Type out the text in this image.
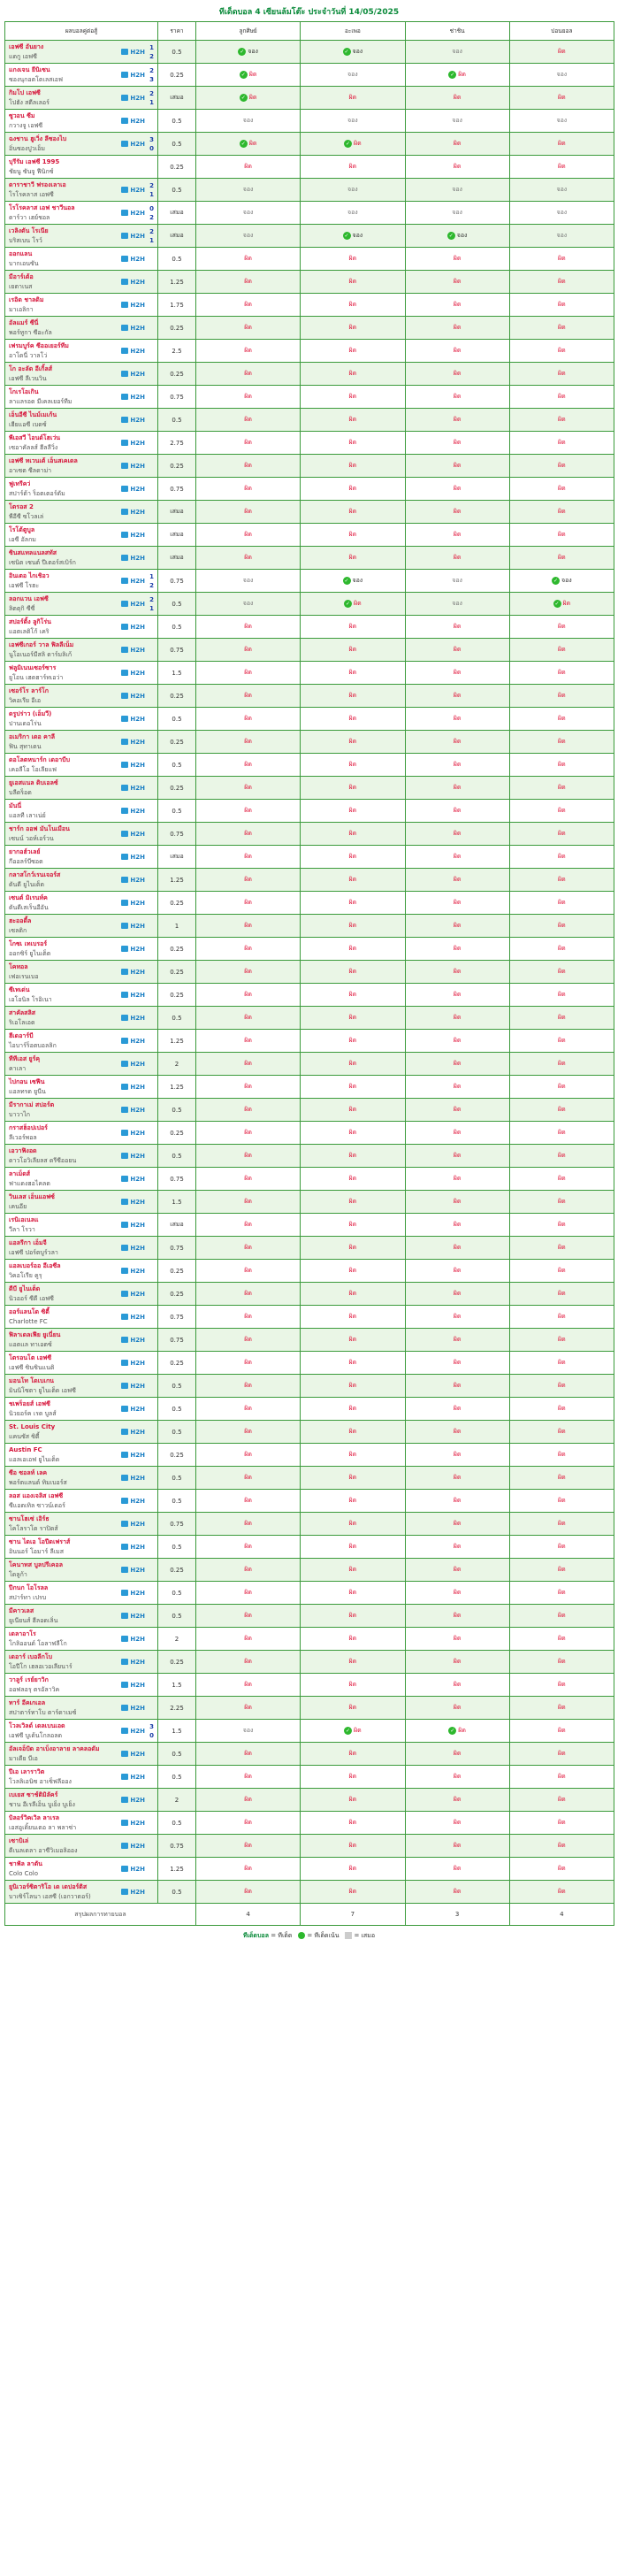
ทีเด็ดบอล 4 เซียนล้มโต๊ะ ประจำวันที่ 14/05/2025
ผลบอลคู่ต่อสู้	ราคา	ลูกศิษย์	อะเพอ	ช่าชิน	ปอนยอล

เอฟซี อันยาง
แดกู เอฟซี
H2H
1
2	0.5	✓ จอง	✓ จอง	จอง	ผิด

แกงเจน ยีนิเซน
ซองนุกอตโตเลสเอฟ
H2H
2
3	0.25	✓ ผิด	จอง	✓ ผิด	จอง

กิมโป เอฟซี
โปฮัง สตีลเลอร์
H2H
2
1	เสมอ	✓ ผิด	ผิด	ผิด	ผิด

ซูวอน ซีม
กวางจู เอฟซี
H2H	0.5	จอง	จอง	จอง	จอง

ฉงชาน ฮูเวิ่ง ลีซองไบ
อิ่นซองปูวเอ็ม
H2H
3
0	0.5	✓ ผิด	✓ ผิด	ผิด	ผิด

บุรีรัม เอฟซี 1995
ชัยนู ซันจู ฟีนิกซ์	0.25	ผิด	ผิด	ผิด	ผิด

ดาราชาวี ฟรองเลาเอ
โรโรคลาส เอฟซี
H2H
2
1	0.5	จอง	จอง	จอง	จอง

โรโรคลาส เอฟ ชาวีนอล
ดาร์วา เฮย์ชอล
H2H
0
2	เสมอ	จอง	จอง	จอง	จอง

เวลิงตัน โรเนีย
บริสเบน โรว์
H2H
2
1	เสมอ	จอง	✓ จอง	✓ จอง	จอง

ออกแลน
บากเอนซัน
H2H	0.5	ผิด	ผิด	ผิด	ผิด

มีอาร์เต้อ
เยตาเนส
H2H	1.25	ผิด	ผิด	ผิด	ผิด

เรอิด ชาลดิม
มาเอลิกา
H2H	1.75	ผิด	ผิด	ผิด	ผิด

อัลแมร์ ซีนี่
พอร์ทูกา ซีอะกัล
H2H	0.25	ผิด	ผิด	ผิด	ผิด

เฟรมบูร์ค ซีออเยอร์ทีม
อาโดนี่ วาลโว่
H2H	2.5	ผิด	ผิด	ผิด	ผิด

โก อะลัด อีเกิ้ลส์
เอฟซี ลีเวนวิน
H2H	0.25	ผิด	ผิด	ผิด	ผิด

โกเรโอเกิน
ลาแลรอด มีเคลเยอร์ทีม
H2H	0.75	ผิด	ผิด	ผิด	ผิด

เอ็นอีซี ไนม์เมเก้น
เฮียแอซี เบดซ์
H2H	0.5	ผิด	ผิด	ผิด	ผิด

พีเอสวี ไอนด์โฮเว่น
เซอาคัลลส์ ฮีลลีวิ่ง
H2H	2.75	ผิด	ผิด	ผิด	ผิด

เอฟซี ทเวนเต้ เอ็นสเคเดล
อาเซต ซีลดาม่า
H2H	0.25	ผิด	ผิด	ผิด	ผิด

ฟูเทรีคว่
สปาร์ต้า ร็อตเตอร์ดัม
H2H	0.75	ผิด	ผิด	ผิด	ผิด

โตรอส 2
พีอีซี ซโวลเล่
H2H	เสมอ	ผิด	ผิด	ผิด	ผิด

โรโต้ตูบูล
เอซี อัลกม
H2H	เสมอ	ผิด	ผิด	ผิด	ผิด

ซินสแทลแนลสทัส
เซนิต เซนต์ ปีเตอร์สเบิร์ก
H2H	เสมอ	ผิด	ผิด	ผิด	ผิด

อินเตอ ไกเชิอว
เอฟซี โรฮะ
H2H
1
2	0.75	จอง	✓ จอง	จอง	✓ จอง

ลอกแวน เอฟซี
ลิตตุกิ ซีซี่
H2H
2
1	0.5	จอง	✓ ผิด	จอง	✓ ผิด

สปอร์ติ้ง ลูกิโร่น
แอตเลติโก้ เคริ
H2H	0.5	ผิด	ผิด	ผิด	ผิด

เอฟซีเกอร์ วาล ฟิลลีเน็ม
นูโอเนอร์มีสลิ ดาร์มลิเก้
H2H	0.75	ผิด	ผิด	ผิด	ผิด

ฟลูมิเนนเซอร์ซาร
ยูโอน เฮดฮาร์ทเอว่า
H2H	1.5	ผิด	ผิด	ผิด	ผิด

เซอร์โร ลาร์โก
วิคอเรีย อีเอ
H2H	0.25	ผิด	ผิด	ผิด	ผิด

ดรูปร่าว (เอ็มวี)
ปานเดอโร่น
H2H	0.5	ผิด	ผิด	ผิด	ผิด

อเมริกา เดอ คาลี
ฟิน สุทาเดน
H2H	0.25	ผิด	ผิด	ผิด	ผิด

ดอโลตหนาร์ก เดอาบีบ
เคอลีโอ โอเลียแฟ
H2H	0.5	ผิด	ผิด	ผิด	ผิด

ยูเอสแนล ดิบเอลซ์
บลีดร็อด
H2H	0.25	ผิด	ผิด	ผิด	ผิด

มันนี่
แอลที เลาเน่ย์
H2H	0.5	ผิด	ผิด	ผิด	ผิด

ชาร์ก ออฟ มันโนเมือน
เซนน์ วอห์เอร์วน
H2H	0.75	ผิด	ผิด	ผิด	ผิด

ยากอฮ์วเลย์
กีออลร์บีซอด
H2H	เสมอ	ผิด	ผิด	ผิด	ผิด

กลาสโกว์เรนเจอร์ส
ดันดี ยูไนเต็ด
H2H	1.25	ผิด	ผิด	ผิด	ผิด

เซนต์ มิเรนท์ค
ดันดีเสเร็นอีอัน
H2H	0.25	ผิด	ผิด	ผิด	ผิด

ฮะออดี้ล
เซลติก
H2H	1	ผิด	ผิด	ผิด	ผิด

โกซเ เทเบรอร์
ออกซิร์ ยูไนเต็ด
H2H	0.25	ผิด	ผิด	ผิด	ผิด

โคทอล
เฟอเรนเบอ
H2H	0.25	ผิด	ผิด	ผิด	ผิด

ซีเทเด่น
เอโอนิล โรอิเนา
H2H	0.25	ผิด	ผิด	ผิด	ผิด

สาคัลสลิส
ริเอโลเอด
H2H	0.5	ผิด	ผิด	ผิด	ผิด

ฮีเดอาร์บี
ไอบาร์ร็อตบอลลิก
H2H	1.25	ผิด	ผิด	ผิด	ผิด

ทีทีเอส ยูร์คุ
คาเลา
H2H	2	ผิด	ผิด	ผิด	ผิด

ไปกอน เซฟีน
แอลทรด ยูนีน
H2H	1.25	ผิด	ผิด	ผิด	ผิด

มีรากาเม่ สปอร์ต
บาวาไก
H2H	0.5	ผิด	ผิด	ผิด	ผิด

กราสฮ็อปเปอร์
ลีเวอร์พอล
H2H	0.25	ผิด	ผิด	ผิด	ผิด

เอวาฟิงอด
ดาวโอวิเลียลส ดรีซีออยน
H2H	0.5	ผิด	ผิด	ผิด	ผิด

ลาเม็ดส์
ฟาแดงฮอไคลด
H2H	0.75	ผิด	ผิด	ผิด	ผิด

วินเลส เอ็นแอฟซ์
เคนอีย
H2H	1.5	ผิด	ผิด	ผิด	ผิด

เรนิเอเนลแ
วีลา โรวา
H2H	เสมอ	ผิด	ผิด	ผิด	ผิด

แอลรีกา เอ็มจี
เอฟซี ปอร์ตบูร์วลา
H2H	0.75	ผิด	ผิด	ผิด	ผิด

แอลเบอร์ออ อีเอซีล
วิคอโเรีย คูรุ
H2H	0.25	ผิด	ผิด	ผิด	ผิด

ดีบี ยูไนเต็ด
นิวออร์ ซีดี เอฟซี
H2H	0.25	ผิด	ผิด	ผิด	ผิด

ออร์แลนโด ซิตี้
Charlotte FC
H2H	0.75	ผิด	ผิด	ผิด	ผิด

ฟิลาเดลเฟีย ยูเนี่ยน
แอตแล ทาเอตซ์
H2H	0.75	ผิด	ผิด	ผิด	ผิด

โตรอนโต เอฟซี
เอฟซี ซินซินแนติ
H2H	0.25	ผิด	ผิด	ผิด	ผิด

มอนโท โดเบเกน
มินนิโซตา ยูไนเต็ด เอฟซี
H2H	0.5	ผิด	ผิด	ผิด	ผิด

ชเพร็อยส์ เอฟซี
นิวยอร์ค เรด บูลส์
H2H	0.5	ผิด	ผิด	ผิด	ผิด

St. Louis City
แคนซัส ซิตี้
H2H	0.5	ผิด	ผิด	ผิด	ผิด

Austin FC
แอลเอเอฟ ยูไนเต็ด
H2H	0.25	ผิด	ผิด	ผิด	ผิด

ซีอ ซอลท์ เลค
พอร์ตแลนด์ ทิมเบอร์ส
H2H	0.5	ผิด	ผิด	ผิด	ผิด

ลอส แองเจลิส เอฟซี
ซีแอตเทิล ซาวน์เดอร์
H2H	0.5	ผิด	ผิด	ผิด	ผิด

ซานโฮเซ่ เอิร์ธ
โคโลราโด ราปิดส์
H2H	0.75	ผิด	ผิด	ผิด	ผิด

ซาน ไดเอ โอปีดเฟราส์
อินนอร์ โอมาร์ ลีเมส
H2H	0.5	ผิด	ผิด	ผิด	ผิด

โคนาทส บูลปรีเคอล
โดลูก้า
H2H	0.25	ผิด	ผิด	ผิด	ผิด

ปีกนก โอโรลล
สปาร์ทา เปรบ
H2H	0.5	ผิด	ผิด	ผิด	ผิด

มีคาวเลส
ยูเนียนส์ ฮีลอดเลิ่น
H2H	0.5	ผิด	ผิด	ผิด	ผิด

เดลาอาโร
โกลิออนด์ โอลาฟลีโก
H2H	2	ผิด	ผิด	ผิด	ผิด

เดอาร์ เบอลีกโบ
โอปีโก เฮลอเวอเลียนาร์
H2H	0.25	ผิด	ผิด	ผิด	ผิด

วาลูร์ เรย์ยาวิก
ออฟลอรุ ตรอัลาวิค
H2H	1.5	ผิด	ผิด	ผิด	ผิด

ทาร์ อีคเกเอล
สปาตาร์ทาโบ ตาร์ดาเมซ์
H2H	2.25	ผิด	ผิด	ผิด	ผิด

โวลเวิลด์ เดลเบนเอด
เอฟซี บูเด้นโกลอลด
H2H
3
0	1.5	จอง	✓ ผิด	✓ ผิด	ผิด

อัลเจอ็ปัด อาเบ็งอาลาย ลาคลอดัม
มาเดีย บีเอ
H2H	0.5	ผิด	ผิด	ผิด	ผิด

ปีเอ เลาราวิต
โวลลิเอนิซ อาเซ็ฟลีออง
H2H	0.5	ผิด	ผิด	ผิด	ผิด

เบเยส ซาช์ติมิลัคร์
ชาน อีเรลีเอ็น บูเย็ง บูเย็ง
H2H	2	ผิด	ผิด	ผิด	ผิด

บิลอร์วิคเวิล ลาเรล
เอสอูเดิ้ยนเตอ ลา พลาซ่า
H2H	0.5	ผิด	ผิด	ผิด	ผิด

เซาบิเล่
ดีเนลเดลา อาซีวิเมอลิออง
H2H	0.75	ผิด	ผิด	ผิด	ผิด

ชาฟัล ลาตัน
Colo Colo
H2H	1.25	ผิด	ผิด	ผิด	ผิด

ยูนิเวอร์ซิตาริโอ เด เดปอร์ติส
บาเซิร์โลนา เอสซี (เอกวาดอร์)
H2H	0.5	ผิด	ผิด	ผิด	ผิด
สรุปผลการทายบอล		4	7	3	4
ทีเด็ดบอล = ทีเด็ด = ทีเด็ดเน้น = เสมอ
